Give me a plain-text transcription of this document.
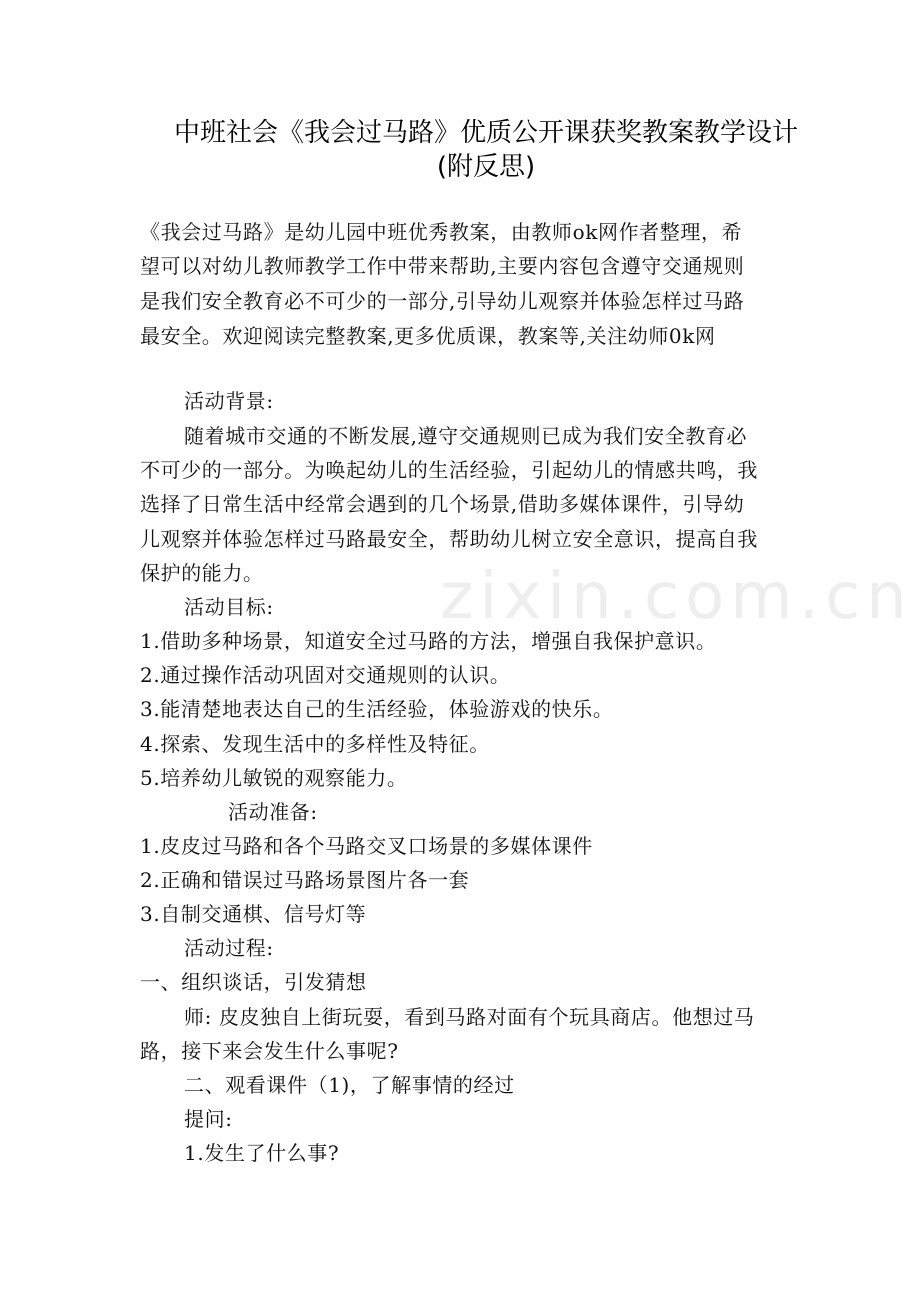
zixin.com.cn
中班社会《我会过马路》优质公开课获奖教案教学设计
(附反思)
《我会过马路》是幼儿园中班优秀教案，由教师ok网作者整理，希
望可以对幼儿教师教学工作中带来帮助,主要内容包含遵守交通规则
是我们安全教育必不可少的一部分,引导幼儿观察并体验怎样过马路
最安全。欢迎阅读完整教案,更多优质课，教案等,关注幼师0k网
活动背景:
随着城市交通的不断发展,遵守交通规则已成为我们安全教育必
不可少的一部分。为唤起幼儿的生活经验，引起幼儿的情感共鸣，我
选择了日常生活中经常会遇到的几个场景,借助多媒体课件，引导幼
儿观察并体验怎样过马路最安全，帮助幼儿树立安全意识，提高自我
保护的能力。
活动目标:
1.借助多种场景，知道安全过马路的方法，增强自我保护意识。
2.通过操作活动巩固对交通规则的认识。
3.能清楚地表达自己的生活经验，体验游戏的快乐。
4.探索、发现生活中的多样性及特征。
5.培养幼儿敏锐的观察能力。
活动准备:
1.皮皮过马路和各个马路交叉口场景的多媒体课件
2.正确和错误过马路场景图片各一套
3.自制交通棋、信号灯等
活动过程:
一、组织谈话，引发猜想
师: 皮皮独自上街玩耍，看到马路对面有个玩具商店。他想过马
路，接下来会发生什么事呢?
二、观看课件（1)，了解事情的经过
提问:
1.发生了什么事?
